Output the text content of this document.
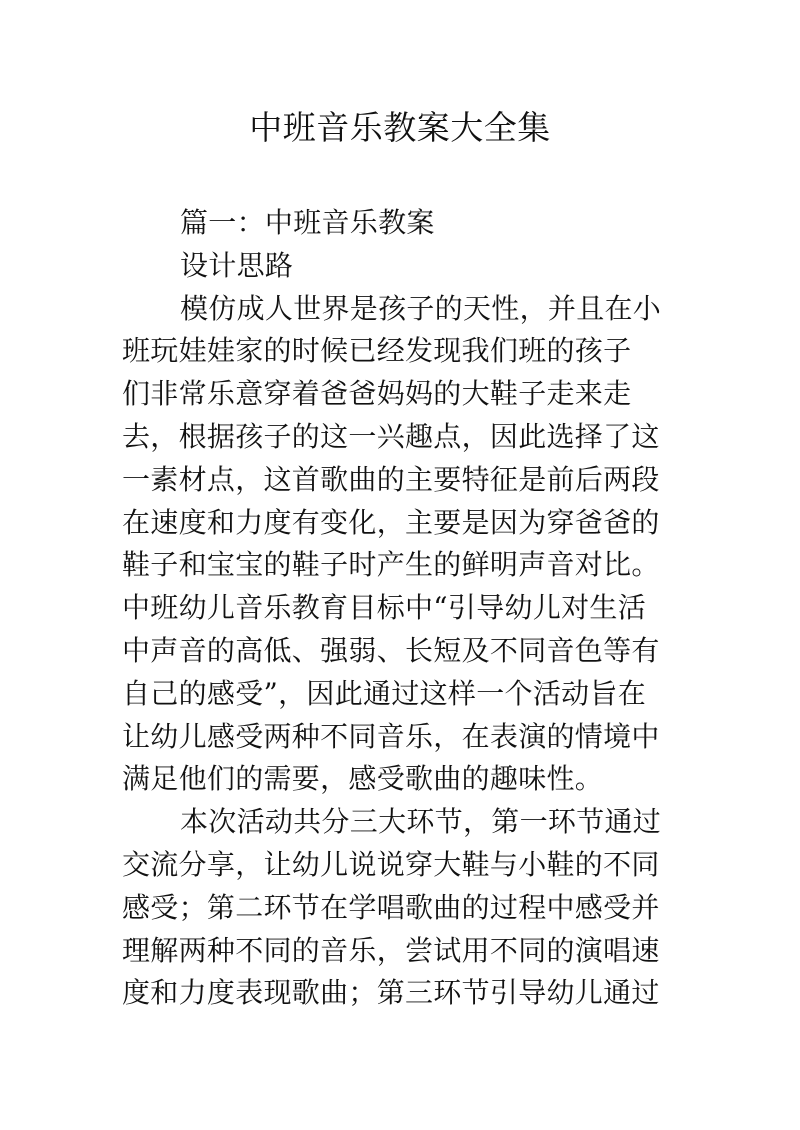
中班音乐教案大全集
篇一：中班音乐教案
设计思路
模仿成人世界是孩子的天性，并且在小
班玩娃娃家的时候已经发现我们班的孩子
们非常乐意穿着爸爸妈妈的大鞋子走来走
去，根据孩子的这一兴趣点，因此选择了这
一素材点，这首歌曲的主要特征是前后两段
在速度和力度有变化，主要是因为穿爸爸的
鞋子和宝宝的鞋子时产生的鲜明声音对比。
中班幼儿音乐教育目标中“引导幼儿对生活
中声音的高低、强弱、长短及不同音色等有
自己的感受”，因此通过这样一个活动旨在
让幼儿感受两种不同音乐，在表演的情境中
满足他们的需要，感受歌曲的趣味性。
本次活动共分三大环节，第一环节通过
交流分享，让幼儿说说穿大鞋与小鞋的不同
感受；第二环节在学唱歌曲的过程中感受并
理解两种不同的音乐，尝试用不同的演唱速
度和力度表现歌曲；第三环节引导幼儿通过
